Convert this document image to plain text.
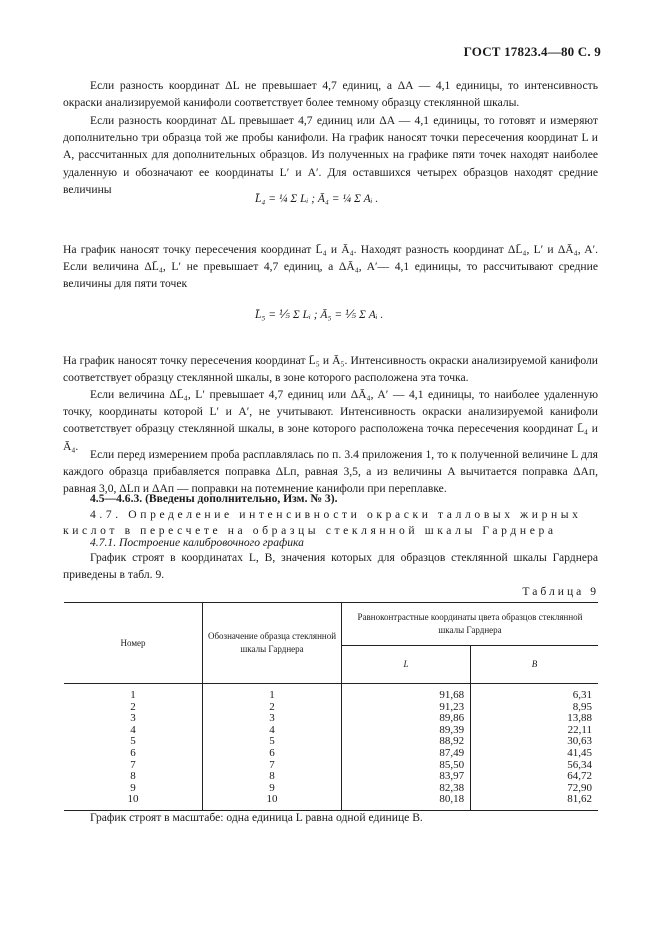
ГОСТ 17823.4—80 С. 9
Если разность координат ΔL не превышает 4,7 единиц, а ΔA — 4,1 единицы, то интенсивность окраски анализируемой канифоли соответствует более темному образцу стеклянной шкалы.
Если разность координат ΔL превышает 4,7 единиц или ΔA — 4,1 единицы, то готовят и измеряют дополнительно три образца той же пробы канифоли. На график наносят точки пересечения координат L и A, рассчитанных для дополнительных образцов. Из полученных на графике пяти точек находят наиболее удаленную и обозначают ее координаты L′ и A′. Для оставшихся четырех образцов находят средние величины
L̄₄ = ¼ Σ Lᵢ ; Ā₄ = ¼ Σ Aᵢ .
На график наносят точку пересечения координат L̄₄ и Ā₄. Находят разность координат ΔL̄₄, L′ и ΔĀ₄, A′. Если величина ΔL̄₄, L′ не превышает 4,7 единиц, а ΔĀ₄, A′— 4,1 единицы, то рассчитывают средние величины для пяти точек
L̄₅ = ⅕ Σ Lᵢ ; Ā₅ = ⅕ Σ Aᵢ .
На график наносят точку пересечения координат L̄₅ и Ā₅. Интенсивность окраски анализируемой канифоли соответствует образцу стеклянной шкалы, в зоне которого расположена эта точка.
Если величина ΔL̄₄, L′ превышает 4,7 единиц или ΔĀ₄, A′ — 4,1 единицы, то наиболее удаленную точку, координаты которой L′ и A′, не учитывают. Интенсивность окраски анализируемой канифоли соответствует образцу стеклянной шкалы, в зоне которого расположена точка пересечения координат L̄₄ и Ā₄.
Если перед измерением проба расплавлялась по п. 3.4 приложения 1, то к полученной величине L для каждого образца прибавляется поправка ΔLп, равная 3,5, а из величины A вычитается поправка ΔAп, равная 3,0, ΔLп и ΔAп — поправки на потемнение канифоли при переплавке.
4.5—4.6.3. (Введены дополнительно, Изм. № 3).
4.7. Определение интенсивности окраски талловых жирных
кислот в пересчете на образцы стеклянной шкалы Гарднера
4.7.1. Построение калибровочного графика
График строят в координатах L, B, значения которых для образцов стеклянной шкалы Гарднера приведены в табл. 9.
Таблица 9
Номер	Обозначение образца стеклянной шкалы Гарднера	Равноконтрастные координаты цвета образцов стеклянной шкалы Гарднера	
		L	B
1	1	91,68	6,31
2	2	91,23	8,95
3	3	89,86	13,88
4	4	89,39	22,11
5	5	88,92	30,63
6	6	87,49	41,45
7	7	85,50	56,34
8	8	83,97	64,72
9	9	82,38	72,90
10	10	80,18	81,62
График строят в масштабе: одна единица L равна одной единице B.
